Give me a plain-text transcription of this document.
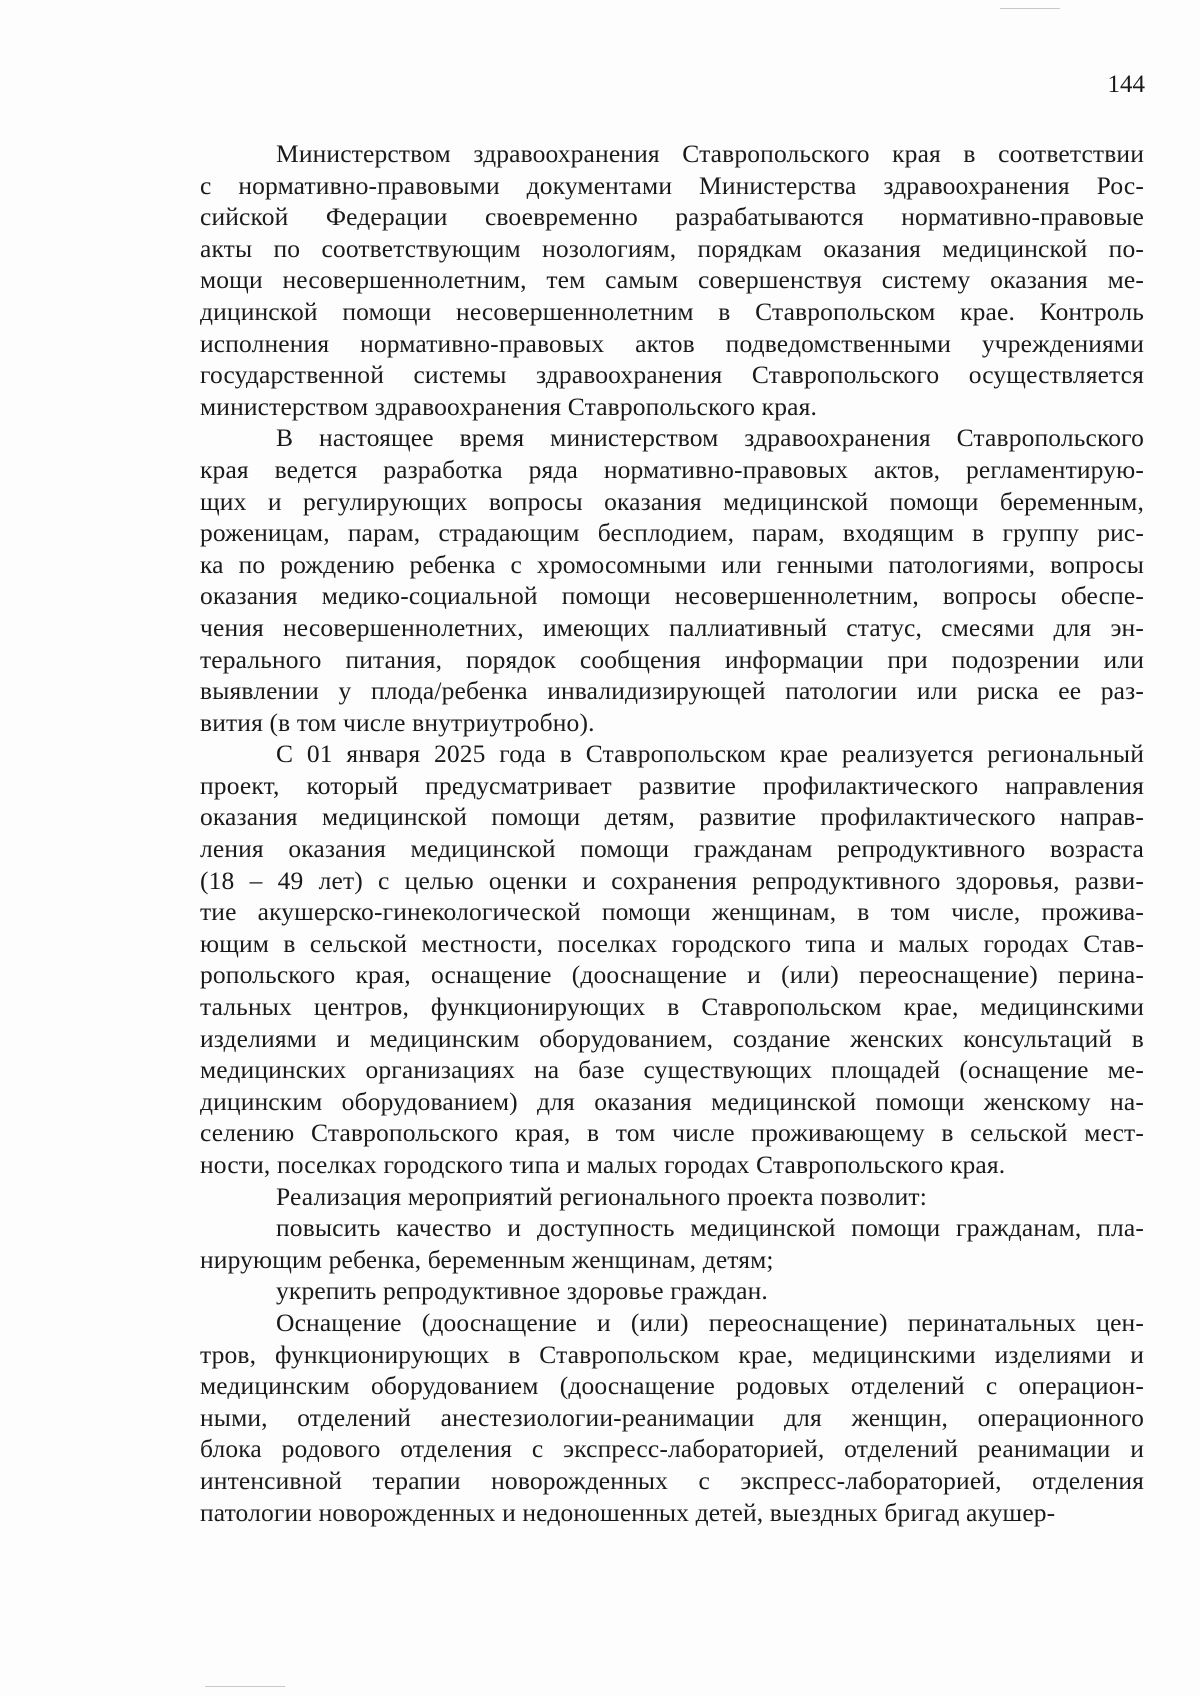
144
Министерством здравоохранения Ставропольского края в соответствии
с нормативно-правовыми документами Министерства здравоохранения Рос-
сийской Федерации своевременно разрабатываются нормативно-правовые
акты по соответствующим нозологиям, порядкам оказания медицинской по-
мощи несовершеннолетним, тем самым совершенствуя систему оказания ме-
дицинской помощи несовершеннолетним в Ставропольском крае. Контроль
исполнения нормативно-правовых актов подведомственными учреждениями
государственной системы здравоохранения Ставропольского осуществляется
министерством здравоохранения Ставропольского края.
В настоящее время министерством здравоохранения Ставропольского
края ведется разработка ряда нормативно-правовых актов, регламентирую-
щих и регулирующих вопросы оказания медицинской помощи беременным,
роженицам, парам, страдающим бесплодием, парам, входящим в группу рис-
ка по рождению ребенка с хромосомными или генными патологиями, вопросы
оказания медико-социальной помощи несовершеннолетним, вопросы обеспе-
чения несовершеннолетних, имеющих паллиативный статус, смесями для эн-
терального питания, порядок сообщения информации при подозрении или
выявлении у плода/ребенка инвалидизирующей патологии или риска ее раз-
вития (в том числе внутриутробно).
С 01 января 2025 года в Ставропольском крае реализуется региональный
проект, который предусматривает развитие профилактического направления
оказания медицинской помощи детям, развитие профилактического направ-
ления оказания медицинской помощи гражданам репродуктивного возраста
(18 – 49 лет) с целью оценки и сохранения репродуктивного здоровья, разви-
тие акушерско-гинекологической помощи женщинам, в том числе, прожива-
ющим в сельской местности, поселках городского типа и малых городах Став-
ропольского края, оснащение (дооснащение и (или) переоснащение) перина-
тальных центров, функционирующих в Ставропольском крае, медицинскими
изделиями и медицинским оборудованием, создание женских консультаций в
медицинских организациях на базе существующих площадей (оснащение ме-
дицинским оборудованием) для оказания медицинской помощи женскому на-
селению Ставропольского края, в том числе проживающему в сельской мест-
ности, поселках городского типа и малых городах Ставропольского края.
Реализация мероприятий регионального проекта позволит:
повысить качество и доступность медицинской помощи гражданам, пла-
нирующим ребенка, беременным женщинам, детям;
укрепить репродуктивное здоровье граждан.
Оснащение (дооснащение и (или) переоснащение) перинатальных цен-
тров, функционирующих в Ставропольском крае, медицинскими изделиями и
медицинским оборудованием (дооснащение родовых отделений с операцион-
ными, отделений анестезиологии-реанимации для женщин, операционного
блока родового отделения с экспресс-лабораторией, отделений реанимации и
интенсивной терапии новорожденных с экспресс-лабораторией, отделения
патологии новорожденных и недоношенных детей, выездных бригад акушер-
